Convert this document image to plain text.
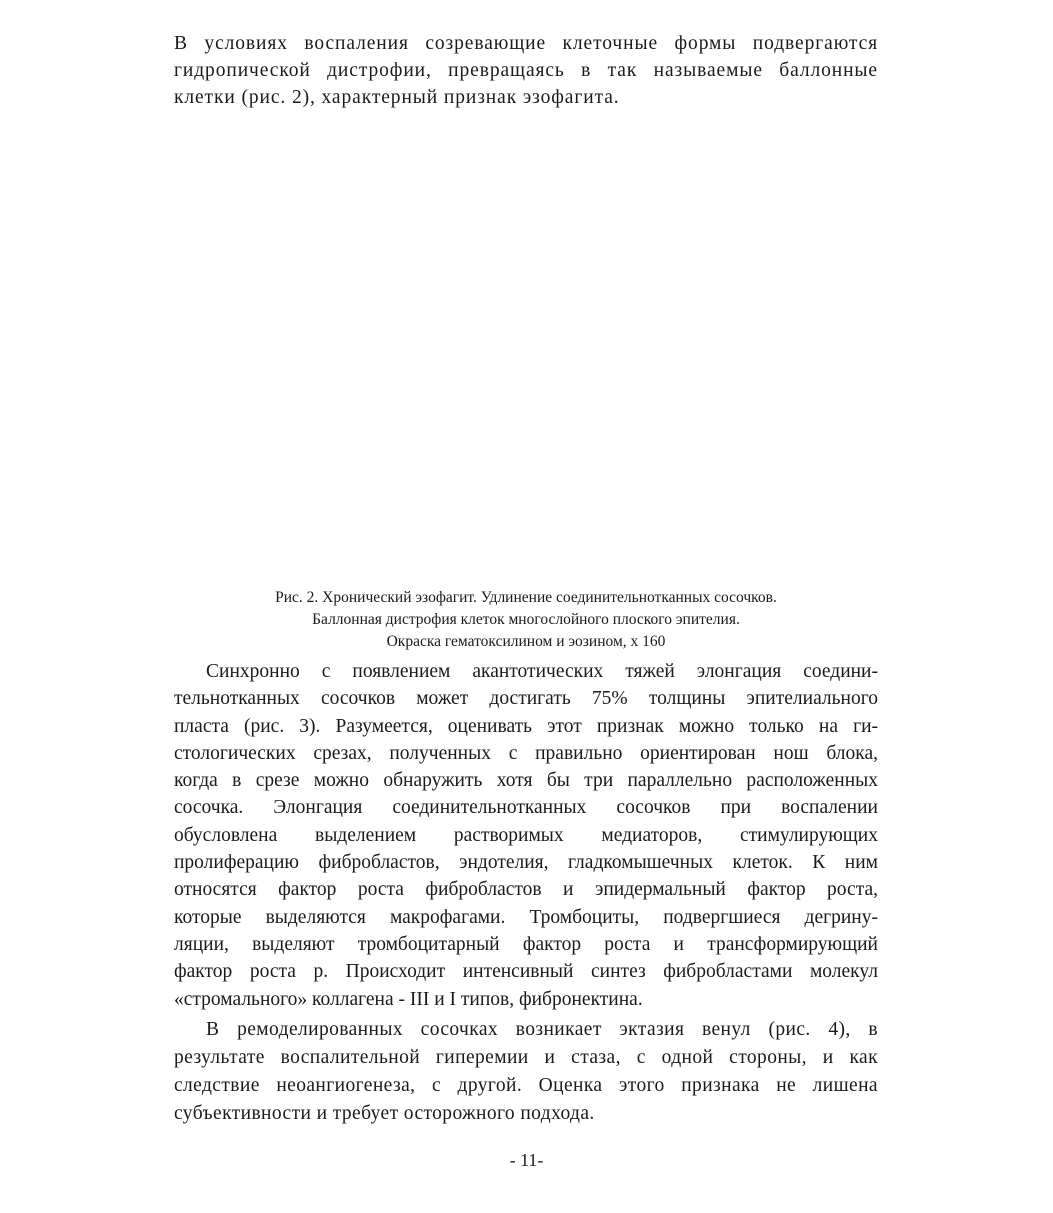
В условиях воспаления созревающие клеточные формы подвергаются
гидропической дистрофии, превращаясь в так называемые баллонные
клетки (рис. 2), характерный признак эзофагита.

Рис. 2. Хронический эзофагит. Удлинение соединительнотканных сосочков.
Баллонная дистрофия клеток многослойного плоского эпителия.
Окраска гематоксилином и эозином, х 160

Синхронно с появлением акантотических тяжей элонгация соедини-
тельнотканных сосочков может достигать 75% толщины эпителиального
пласта (рис. 3). Разумеется, оценивать этот признак можно только на ги-
стологических срезах, полученных с правильно ориентирован нош блока,
когда в срезе можно обнаружить хотя бы три параллельно расположенных
сосочка. Элонгация соединительнотканных сосочков при воспалении
обусловлена выделением растворимых медиаторов, стимулирующих
пролиферацию фибробластов, эндотелия, гладкомышечных клеток. К ним
относятся фактор роста фибробластов и эпидермальный фактор роста,
которые выделяются макрофагами. Тромбоциты, подвергшиеся дегрину-
ляции, выделяют тромбоцитарный фактор роста и трансформирующий
фактор роста р. Происходит интенсивный синтез фибробластами молекул
«стромального» коллагена - III и I типов, фибронектина.

В ремоделированных сосочках возникает эктазия венул (рис. 4), в
результате воспалительной гиперемии и стаза, с одной стороны, и как
следствие неоангиогенеза, с другой. Оценка этого признака не лишена
субъективности и требует осторожного подхода.

- 11-
